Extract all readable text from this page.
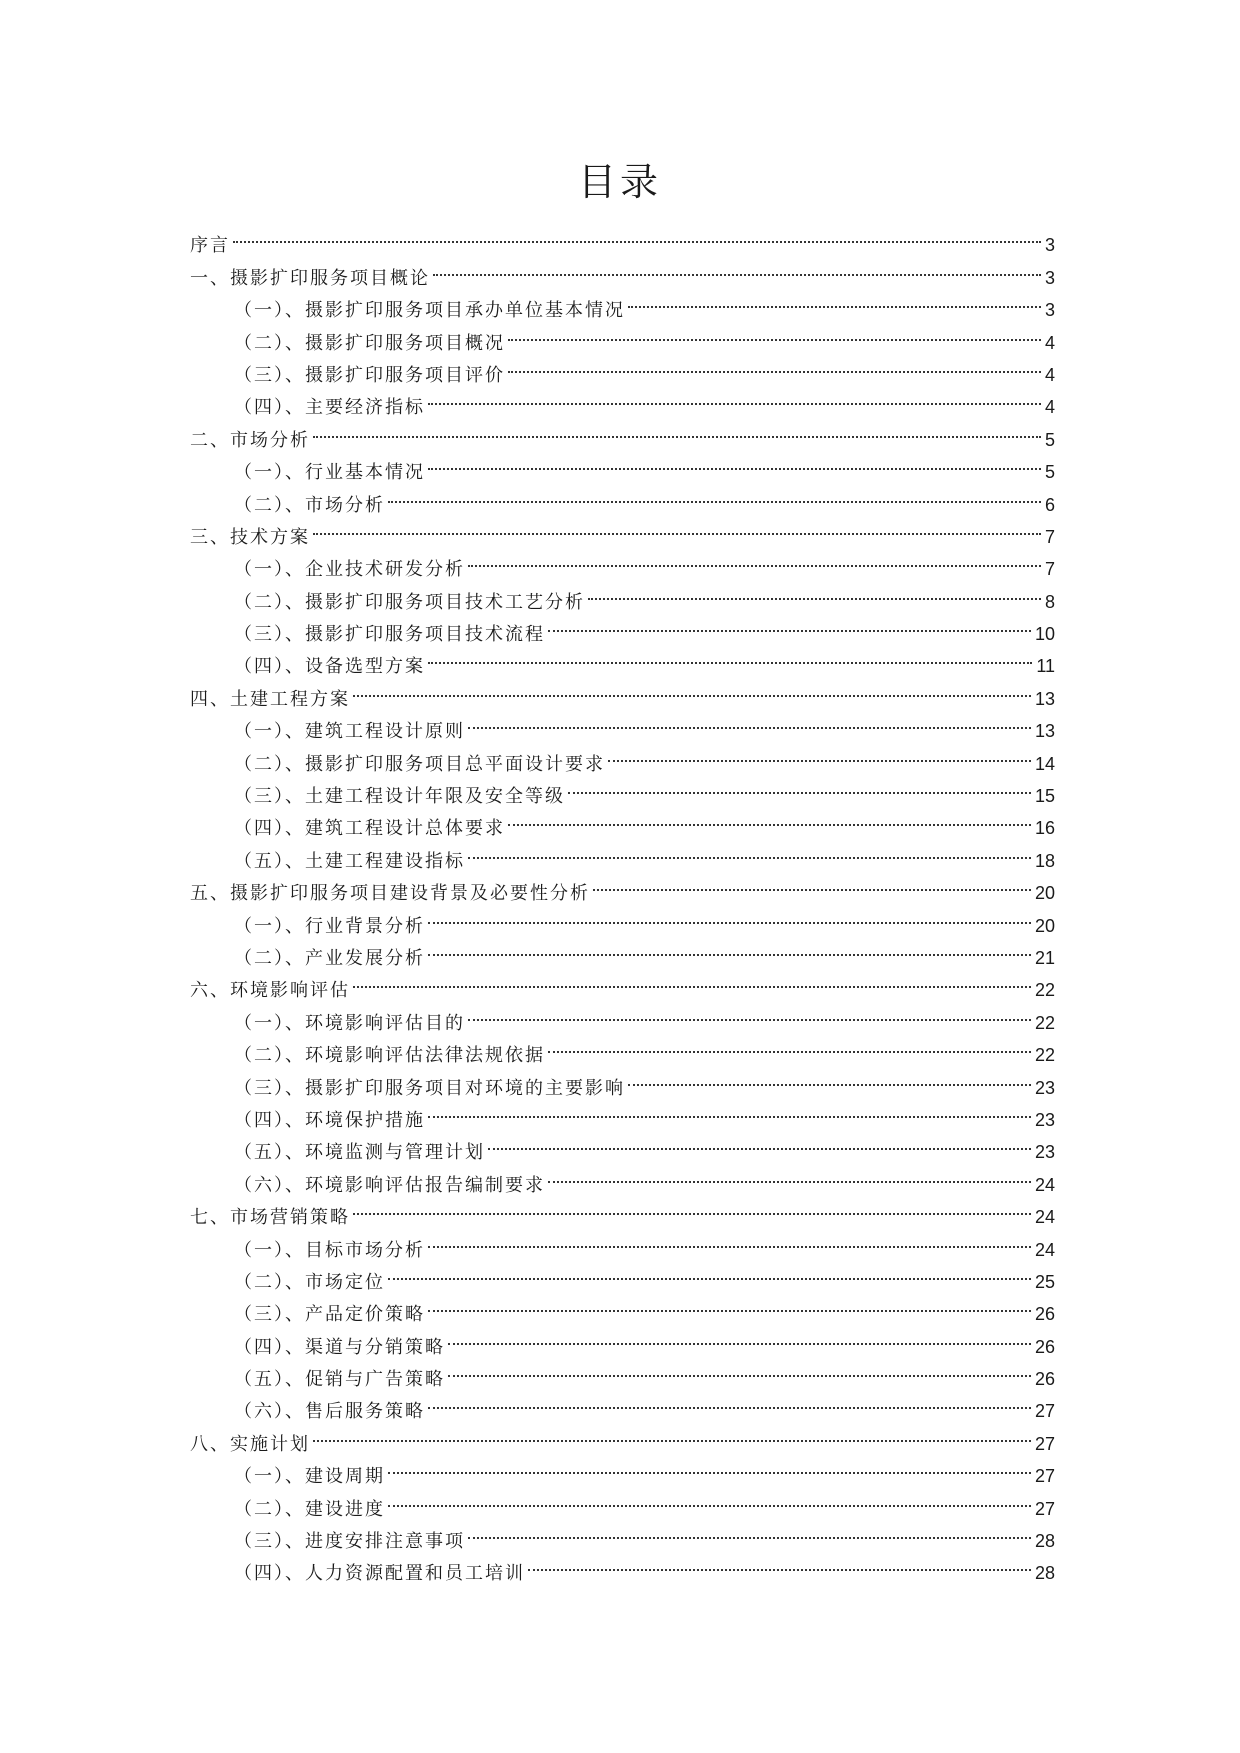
目录
序言	3
一、摄影扩印服务项目概论	3
（一）、摄影扩印服务项目承办单位基本情况	3
（二）、摄影扩印服务项目概况	4
（三）、摄影扩印服务项目评价	4
（四）、主要经济指标	4
二、市场分析	5
（一）、行业基本情况	5
（二）、市场分析	6
三、技术方案	7
（一）、企业技术研发分析	7
（二）、摄影扩印服务项目技术工艺分析	8
（三）、摄影扩印服务项目技术流程	10
（四）、设备选型方案	11
四、土建工程方案	13
（一）、建筑工程设计原则	13
（二）、摄影扩印服务项目总平面设计要求	14
（三）、土建工程设计年限及安全等级	15
（四）、建筑工程设计总体要求	16
（五）、土建工程建设指标	18
五、摄影扩印服务项目建设背景及必要性分析	20
（一）、行业背景分析	20
（二）、产业发展分析	21
六、环境影响评估	22
（一）、环境影响评估目的	22
（二）、环境影响评估法律法规依据	22
（三）、摄影扩印服务项目对环境的主要影响	23
（四）、环境保护措施	23
（五）、环境监测与管理计划	23
（六）、环境影响评估报告编制要求	24
七、市场营销策略	24
（一）、目标市场分析	24
（二）、市场定位	25
（三）、产品定价策略	26
（四）、渠道与分销策略	26
（五）、促销与广告策略	26
（六）、售后服务策略	27
八、实施计划	27
（一）、建设周期	27
（二）、建设进度	27
（三）、进度安排注意事项	28
（四）、人力资源配置和员工培训	28
